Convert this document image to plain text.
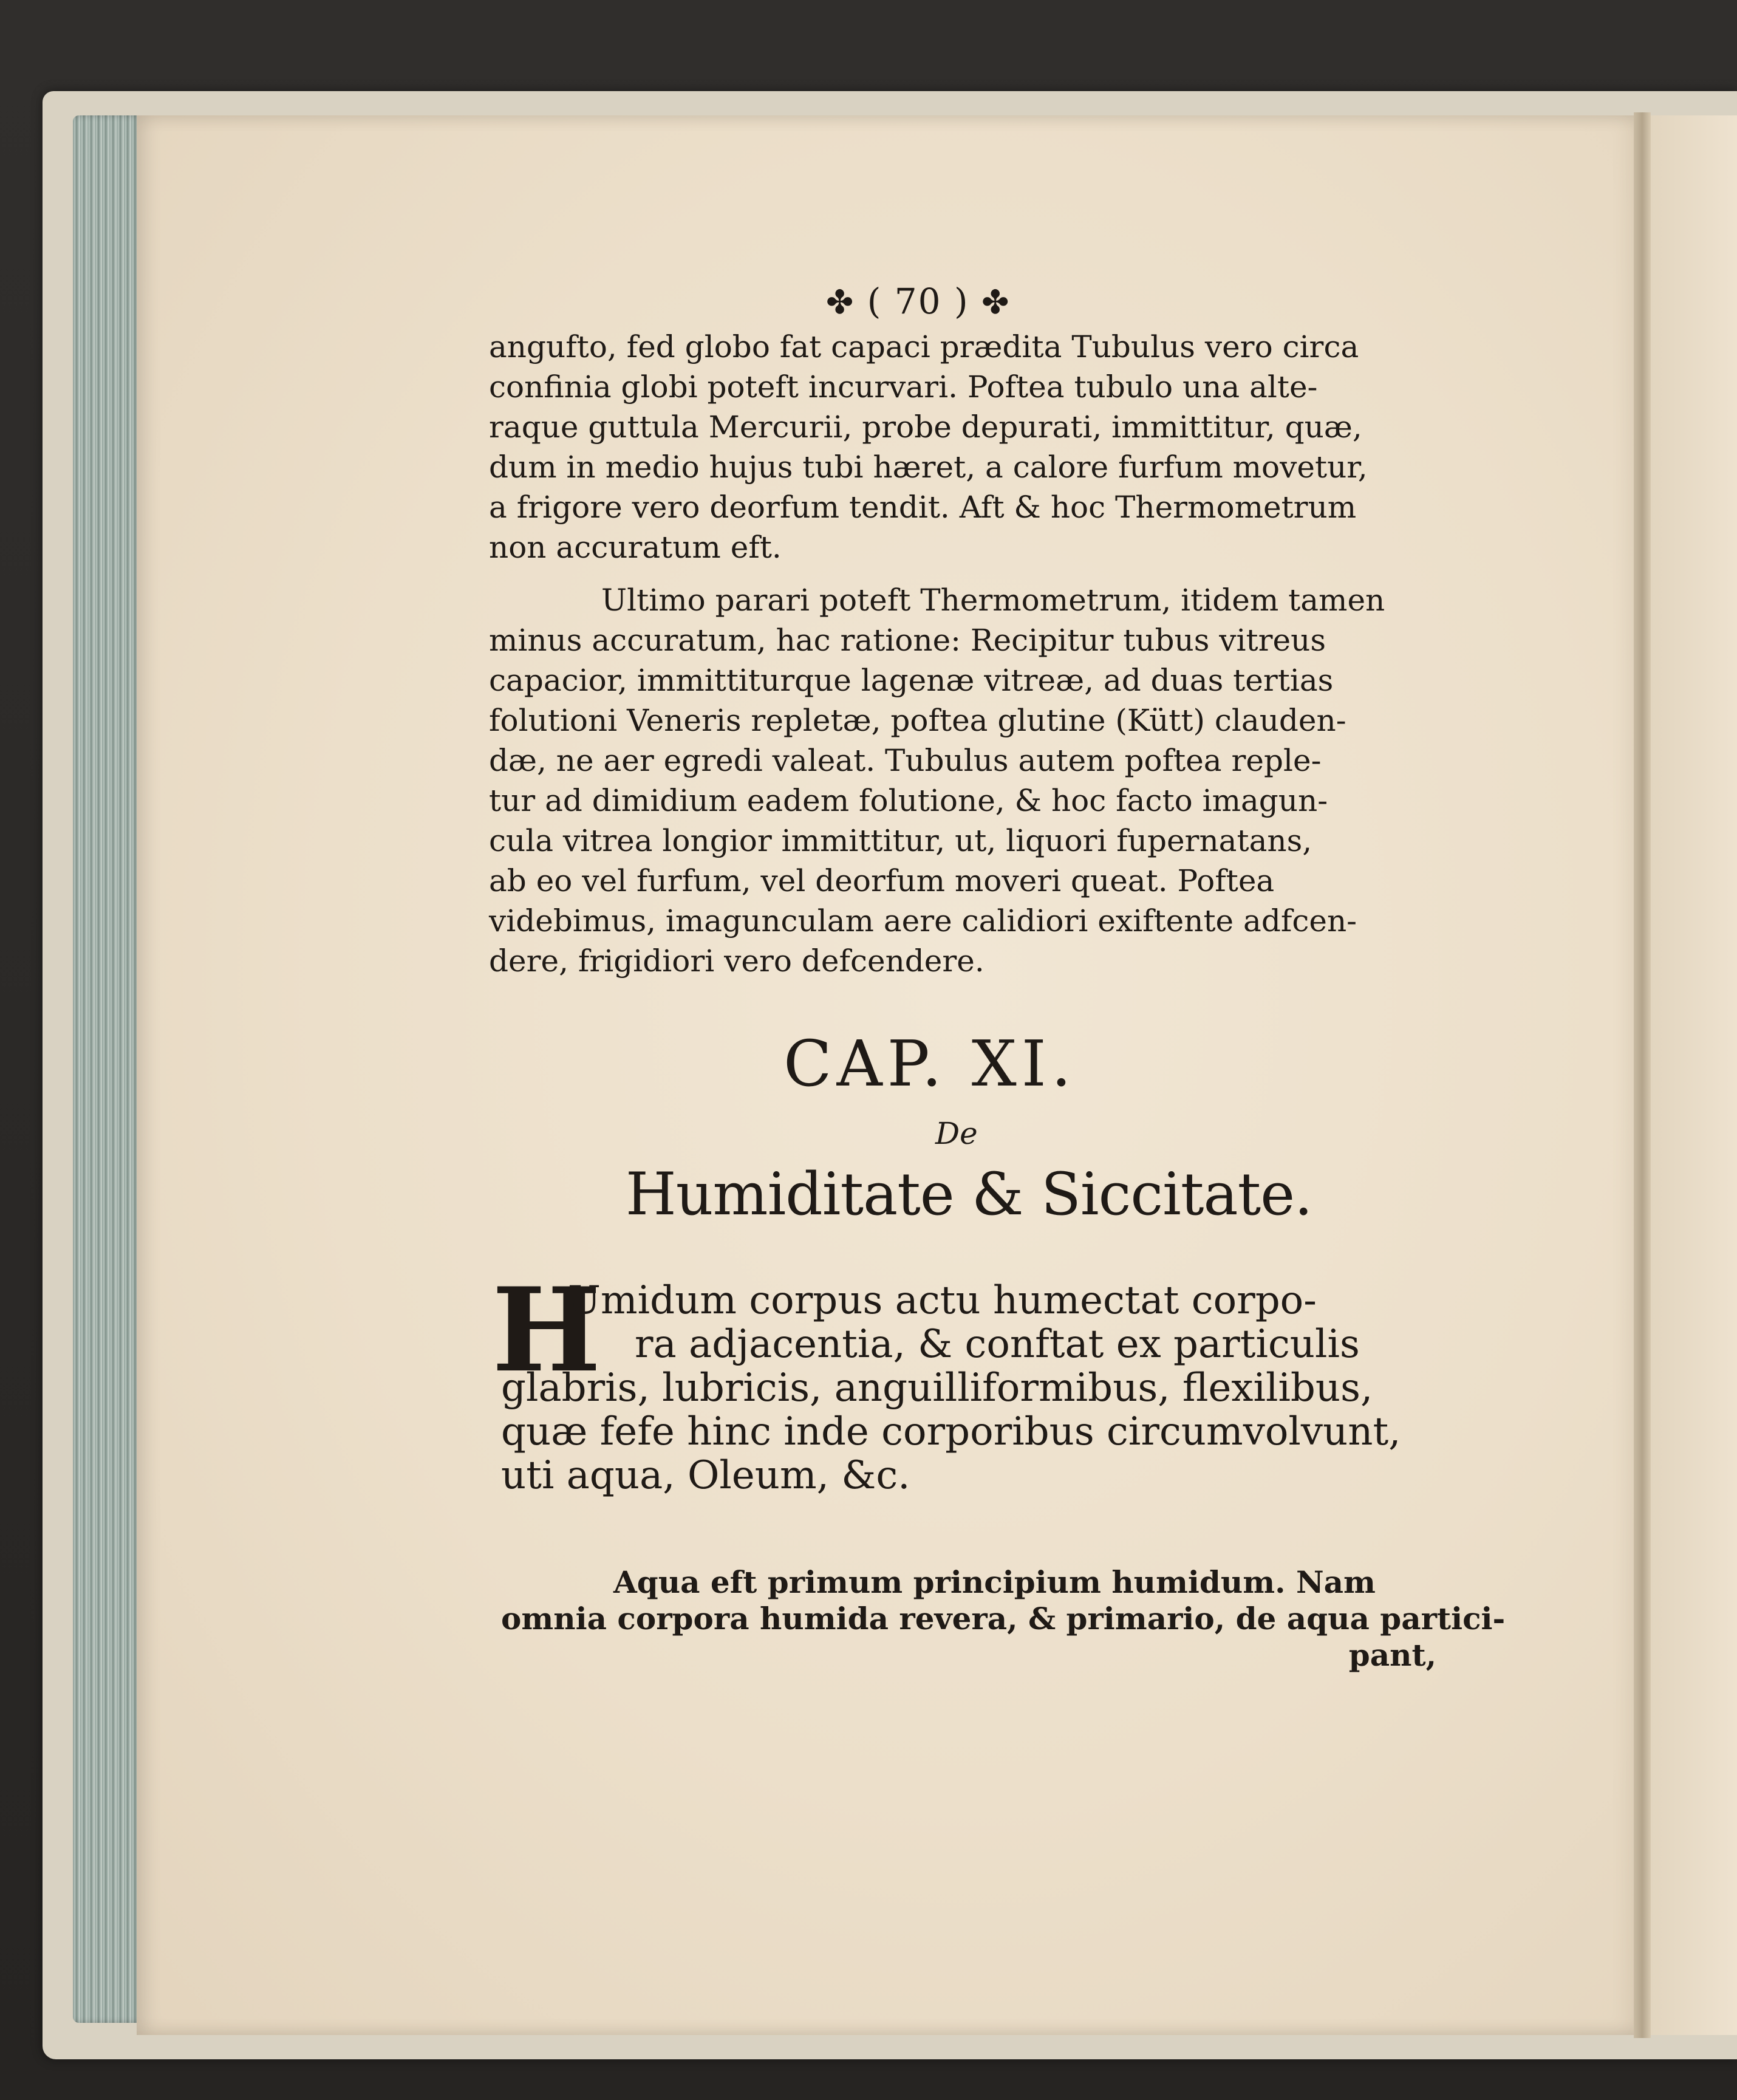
✤ ( 70 ) ✤
angufto, fed globo fat capaci prædita Tubulus vero circa
confinia globi poteft incurvari. Poftea tubulo una alte-
raque guttula Mercurii, probe depurati, immittitur, quæ,
dum in medio hujus tubi hæret, a calore furfum movetur,
a frigore vero deorfum tendit. Aft & hoc Thermometrum
non accuratum eft.
Ultimo parari poteft Thermometrum, itidem tamen
minus accuratum, hac ratione: Recipitur tubus vitreus
capacior, immittiturque lagenæ vitreæ, ad duas tertias
folutioni Veneris repletæ, poftea glutine (Kütt) clauden-
dæ, ne aer egredi valeat. Tubulus autem poftea reple-
tur ad dimidium eadem folutione, & hoc facto imagun-
cula vitrea longior immittitur, ut, liquori fupernatans,
ab eo vel furfum, vel deorfum moveri queat. Poftea
videbimus, imagunculam aere calidiori exiftente adfcen-
dere, frigidiori vero defcendere.
CAP. XI.
De
Humiditate & Siccitate.
H
Umidum corpus actu humectat corpo-
ra adjacentia, & conftat ex particulis
glabris, lubricis, anguilliformibus, flexilibus,
quæ fefe hinc inde corporibus circumvolvunt,
uti aqua, Oleum, &c.
Aqua eft primum principium humidum. Nam
omnia corpora humida revera, & primario, de aqua partici-
pant,
